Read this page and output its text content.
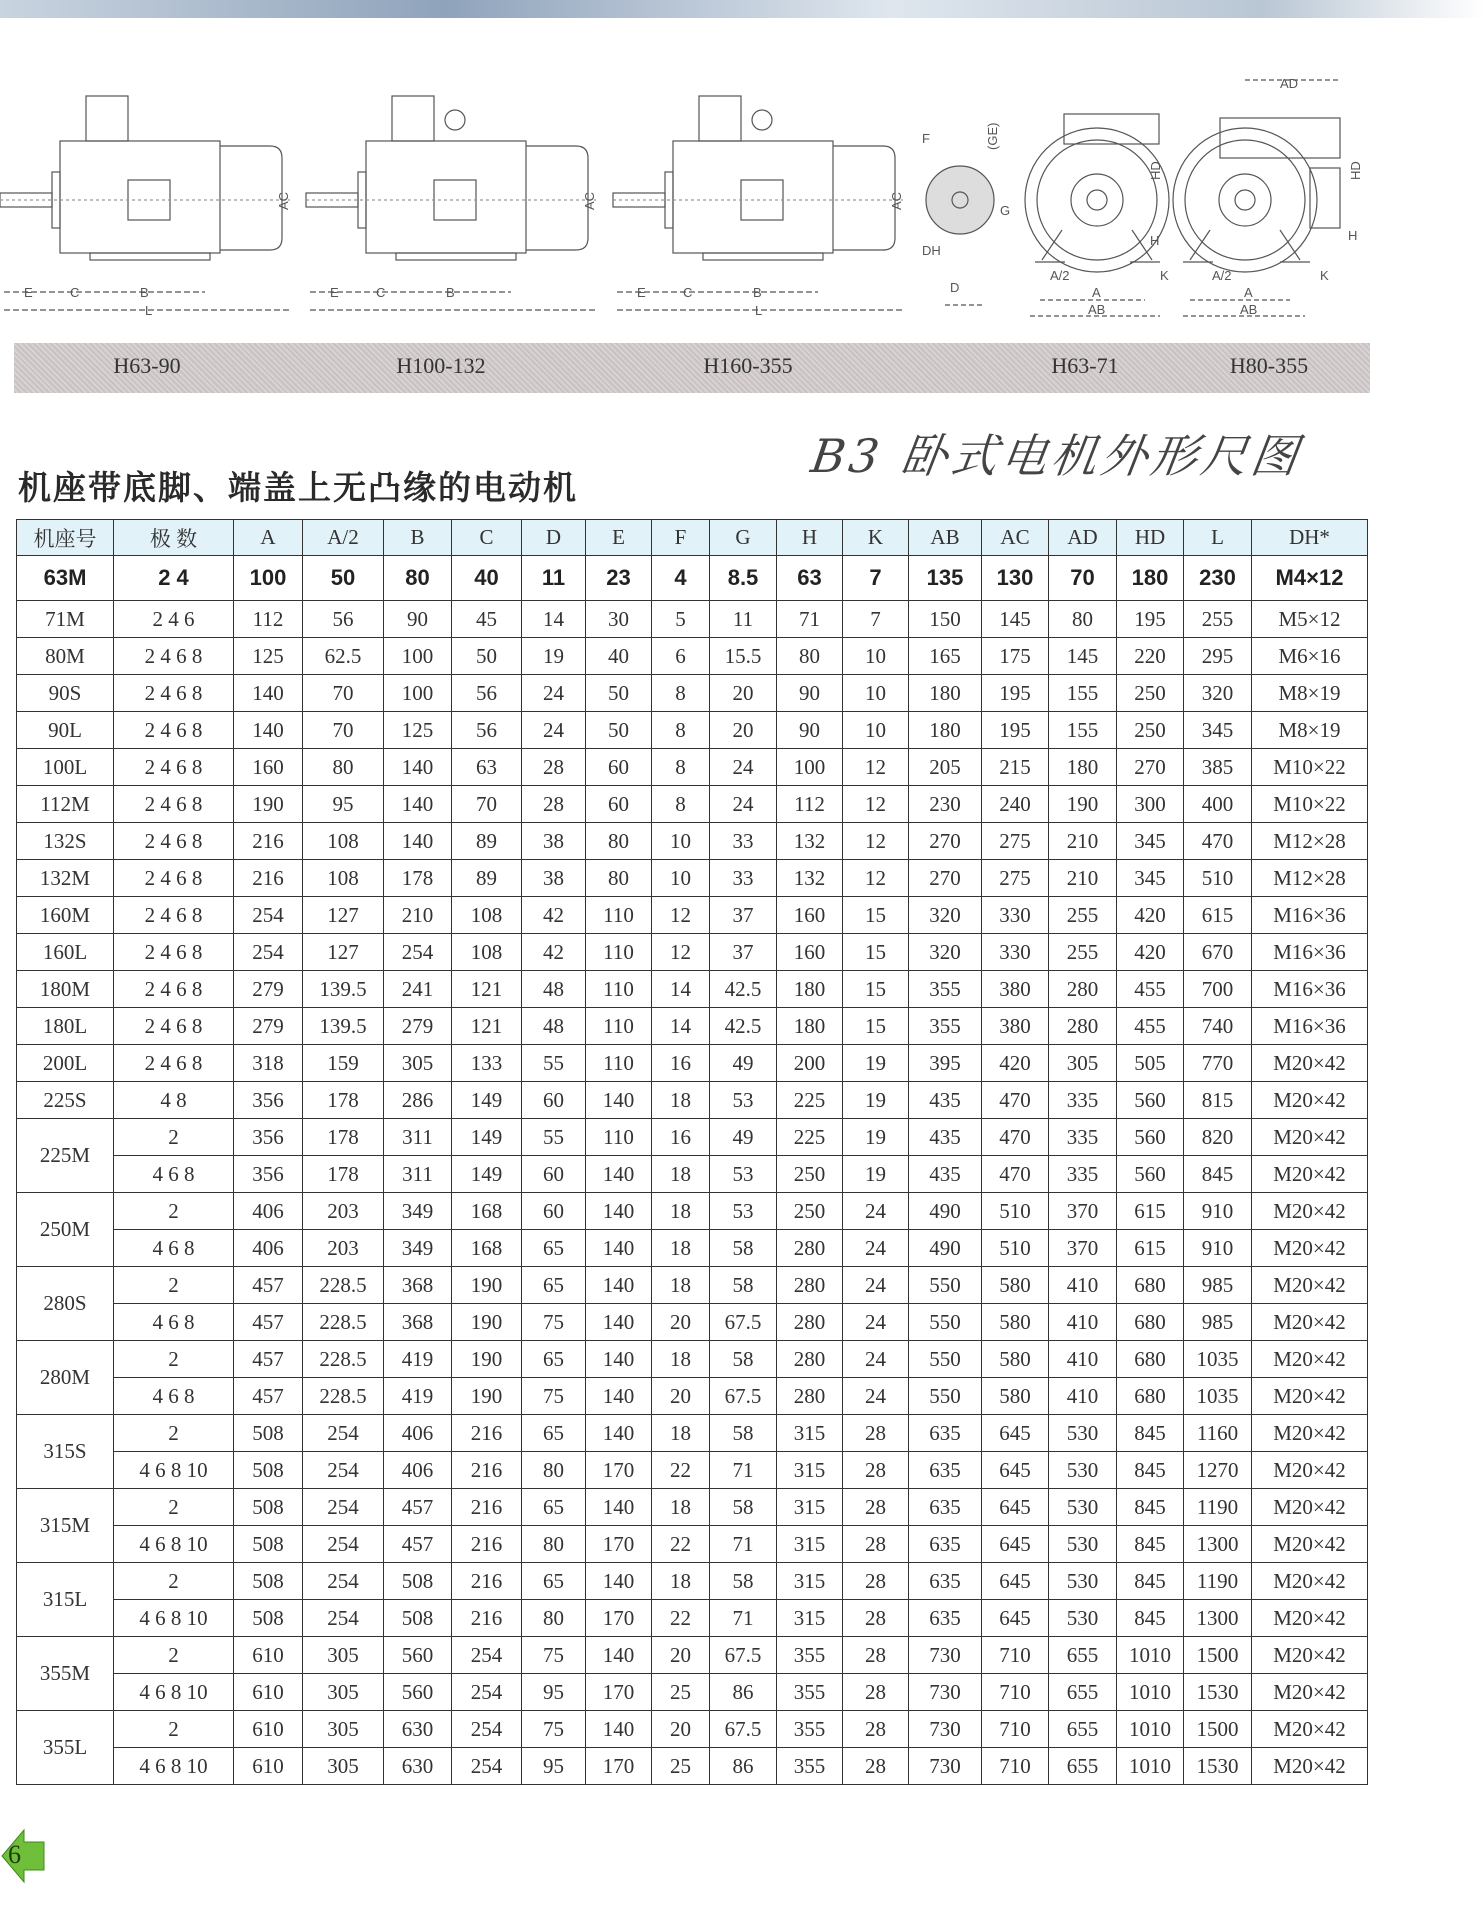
E	C	B
L
AC
E	C	B
AC
E	C	B
L
AC
F	(GE)
G
DH
D
A/2
A
AB
K
H
HD
A/2
A
AB
K
H
HD
AD
H63-90	H100-132	H160-355	H63-71	H80-355
机座带底脚、端盖上无凸缘的电动机
B3 卧式电机外形尺图
机座号	极 数	A	A/2	B	C	D	E	F	G	H	K	AB	AC	AD	HD	L	DH*
63M	2 4	100	50	80	40	11	23	4	8.5	63	7	135	130	70	180	230	M4×12
71M	2 4 6	112	56	90	45	14	30	5	11	71	7	150	145	80	195	255	M5×12
80M	2 4 6 8	125	62.5	100	50	19	40	6	15.5	80	10	165	175	145	220	295	M6×16
90S	2 4 6 8	140	70	100	56	24	50	8	20	90	10	180	195	155	250	320	M8×19
90L	2 4 6 8	140	70	125	56	24	50	8	20	90	10	180	195	155	250	345	M8×19
100L	2 4 6 8	160	80	140	63	28	60	8	24	100	12	205	215	180	270	385	M10×22
112M	2 4 6 8	190	95	140	70	28	60	8	24	112	12	230	240	190	300	400	M10×22
132S	2 4 6 8	216	108	140	89	38	80	10	33	132	12	270	275	210	345	470	M12×28
132M	2 4 6 8	216	108	178	89	38	80	10	33	132	12	270	275	210	345	510	M12×28
160M	2 4 6 8	254	127	210	108	42	110	12	37	160	15	320	330	255	420	615	M16×36
160L	2 4 6 8	254	127	254	108	42	110	12	37	160	15	320	330	255	420	670	M16×36
180M	2 4 6 8	279	139.5	241	121	48	110	14	42.5	180	15	355	380	280	455	700	M16×36
180L	2 4 6 8	279	139.5	279	121	48	110	14	42.5	180	15	355	380	280	455	740	M16×36
200L	2 4 6 8	318	159	305	133	55	110	16	49	200	19	395	420	305	505	770	M20×42
225S	4 8	356	178	286	149	60	140	18	53	225	19	435	470	335	560	815	M20×42
225M	2	356	178	311	149	55	110	16	49	225	19	435	470	335	560	820	M20×42
	4 6 8	356	178	311	149	60	140	18	53	250	19	435	470	335	560	845	M20×42
250M	2	406	203	349	168	60	140	18	53	250	24	490	510	370	615	910	M20×42
	4 6 8	406	203	349	168	65	140	18	58	280	24	490	510	370	615	910	M20×42
280S	2	457	228.5	368	190	65	140	18	58	280	24	550	580	410	680	985	M20×42
	4 6 8	457	228.5	368	190	75	140	20	67.5	280	24	550	580	410	680	985	M20×42
280M	2	457	228.5	419	190	65	140	18	58	280	24	550	580	410	680	1035	M20×42
	4 6 8	457	228.5	419	190	75	140	20	67.5	280	24	550	580	410	680	1035	M20×42
315S	2	508	254	406	216	65	140	18	58	315	28	635	645	530	845	1160	M20×42
	4 6 8 10	508	254	406	216	80	170	22	71	315	28	635	645	530	845	1270	M20×42
315M	2	508	254	457	216	65	140	18	58	315	28	635	645	530	845	1190	M20×42
	4 6 8 10	508	254	457	216	80	170	22	71	315	28	635	645	530	845	1300	M20×42
315L	2	508	254	508	216	65	140	18	58	315	28	635	645	530	845	1190	M20×42
	4 6 8 10	508	254	508	216	80	170	22	71	315	28	635	645	530	845	1300	M20×42
355M	2	610	305	560	254	75	140	20	67.5	355	28	730	710	655	1010	1500	M20×42
	4 6 8 10	610	305	560	254	95	170	25	86	355	28	730	710	655	1010	1530	M20×42
355L	2	610	305	630	254	75	140	20	67.5	355	28	730	710	655	1010	1500	M20×42
	4 6 8 10	610	305	630	254	95	170	25	86	355	28	730	710	655	1010	1530	M20×42
6
